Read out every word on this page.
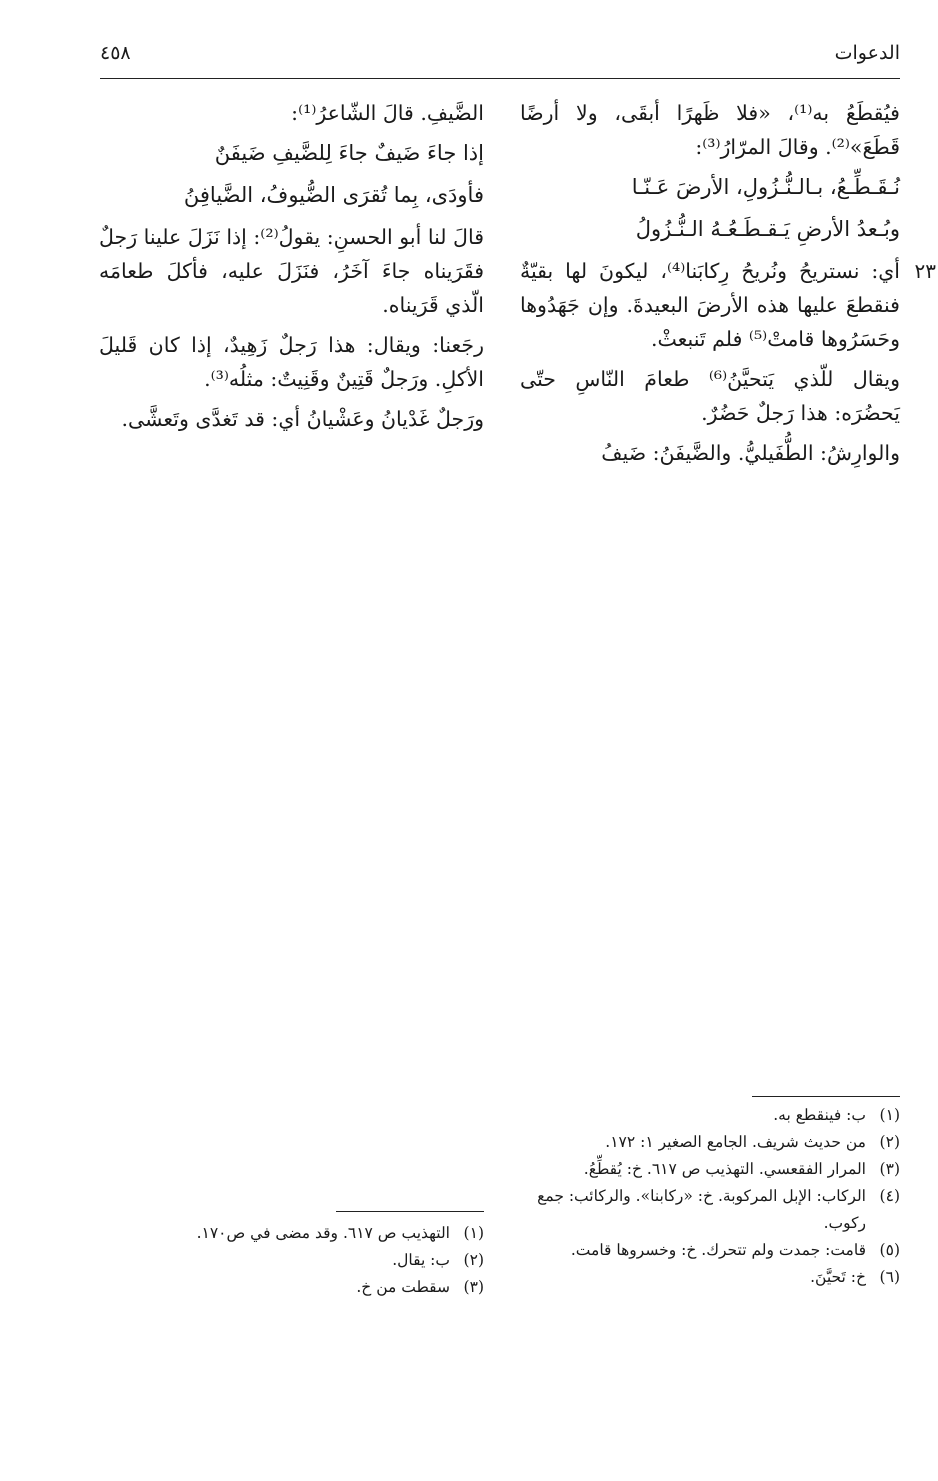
الدعوات
٤٥٨

فيُقطَعُ به⁽¹⁾، «فلا ظَهرًا أبقَى، ولا أرضًا قَطَعَ»⁽²⁾. وقالَ المرّارُ⁽³⁾:

نُـقَـطِّـعُ، بـالـنُّـزُولِ، الأرضَ عَـنّـا

وبُـعدُ الأرضِ يَـقـطَـعُـهُ الـنُّـزُولُ

٢٣

أي: نستريحُ ونُريحُ رِكابَنا⁽⁴⁾، ليكونَ لها بقيّةٌ فنقطعَ عليها هذه الأرضَ البعيدةَ. وإن جَهَدُوها وحَسَرُوها قامتْ⁽⁵⁾ فلم تَنبعثْ.

ويقال للّذي يَتحيَّنُ⁽⁶⁾ طعامَ النّاسِ حتّى يَحضُرَه: هذا رَجلٌ حَضُرٌ.

والوارِشُ: الطُّفَيليُّ. والضَّيفَنُ: ضَيفُ

الضَّيفِ. قالَ الشّاعرُ⁽¹⁾:

إذا جاءَ ضَيفٌ جاءَ لِلضَّيفِ ضَيفَنٌ

فأودَى، بِما تُقرَى الضُّيوفُ، الضَّيافِنُ

قالَ لنا أبو الحسنِ: يقولُ⁽²⁾: إذا نَزَلَ علينا رَجلٌ فقَرَيناه جاءَ آخَرُ، فنَزَلَ عليه، فأكلَ طعامَه الّذي قَرَيناه.

رجَعنا: ويقال: هذا رَجلٌ زَهِيدٌ، إذا كان قَليلَ الأكلِ. ورَجلٌ قَتِينٌ وقَنِيتٌ: مثلُه⁽³⁾.

ورَجلٌ غَدْيانُ وعَشْيانُ أي: قد تَغدَّى وتَعشَّى.

(١)
ب: فينقطع به.
(٢)
من حديث شريف. الجامع الصغير ١: ١٧٢.
(٣)
المرار الفقعسي. التهذيب ص ٦١٧. خ: يُقطِّعُ.
(٤)
الركاب: الإبل المركوبة. خ: «ركابنا». والركائب: جمع ركوب.
(٥)
قامت: جمدت ولم تتحرك. خ: وخسروها قامت.
(٦)
خ: تَحيَّنَ.
(١)
التهذيب ص ٦١٧. وقد مضى في ص١٧٠.
(٢)
ب: يقال.
(٣)
سقطت من خ.
